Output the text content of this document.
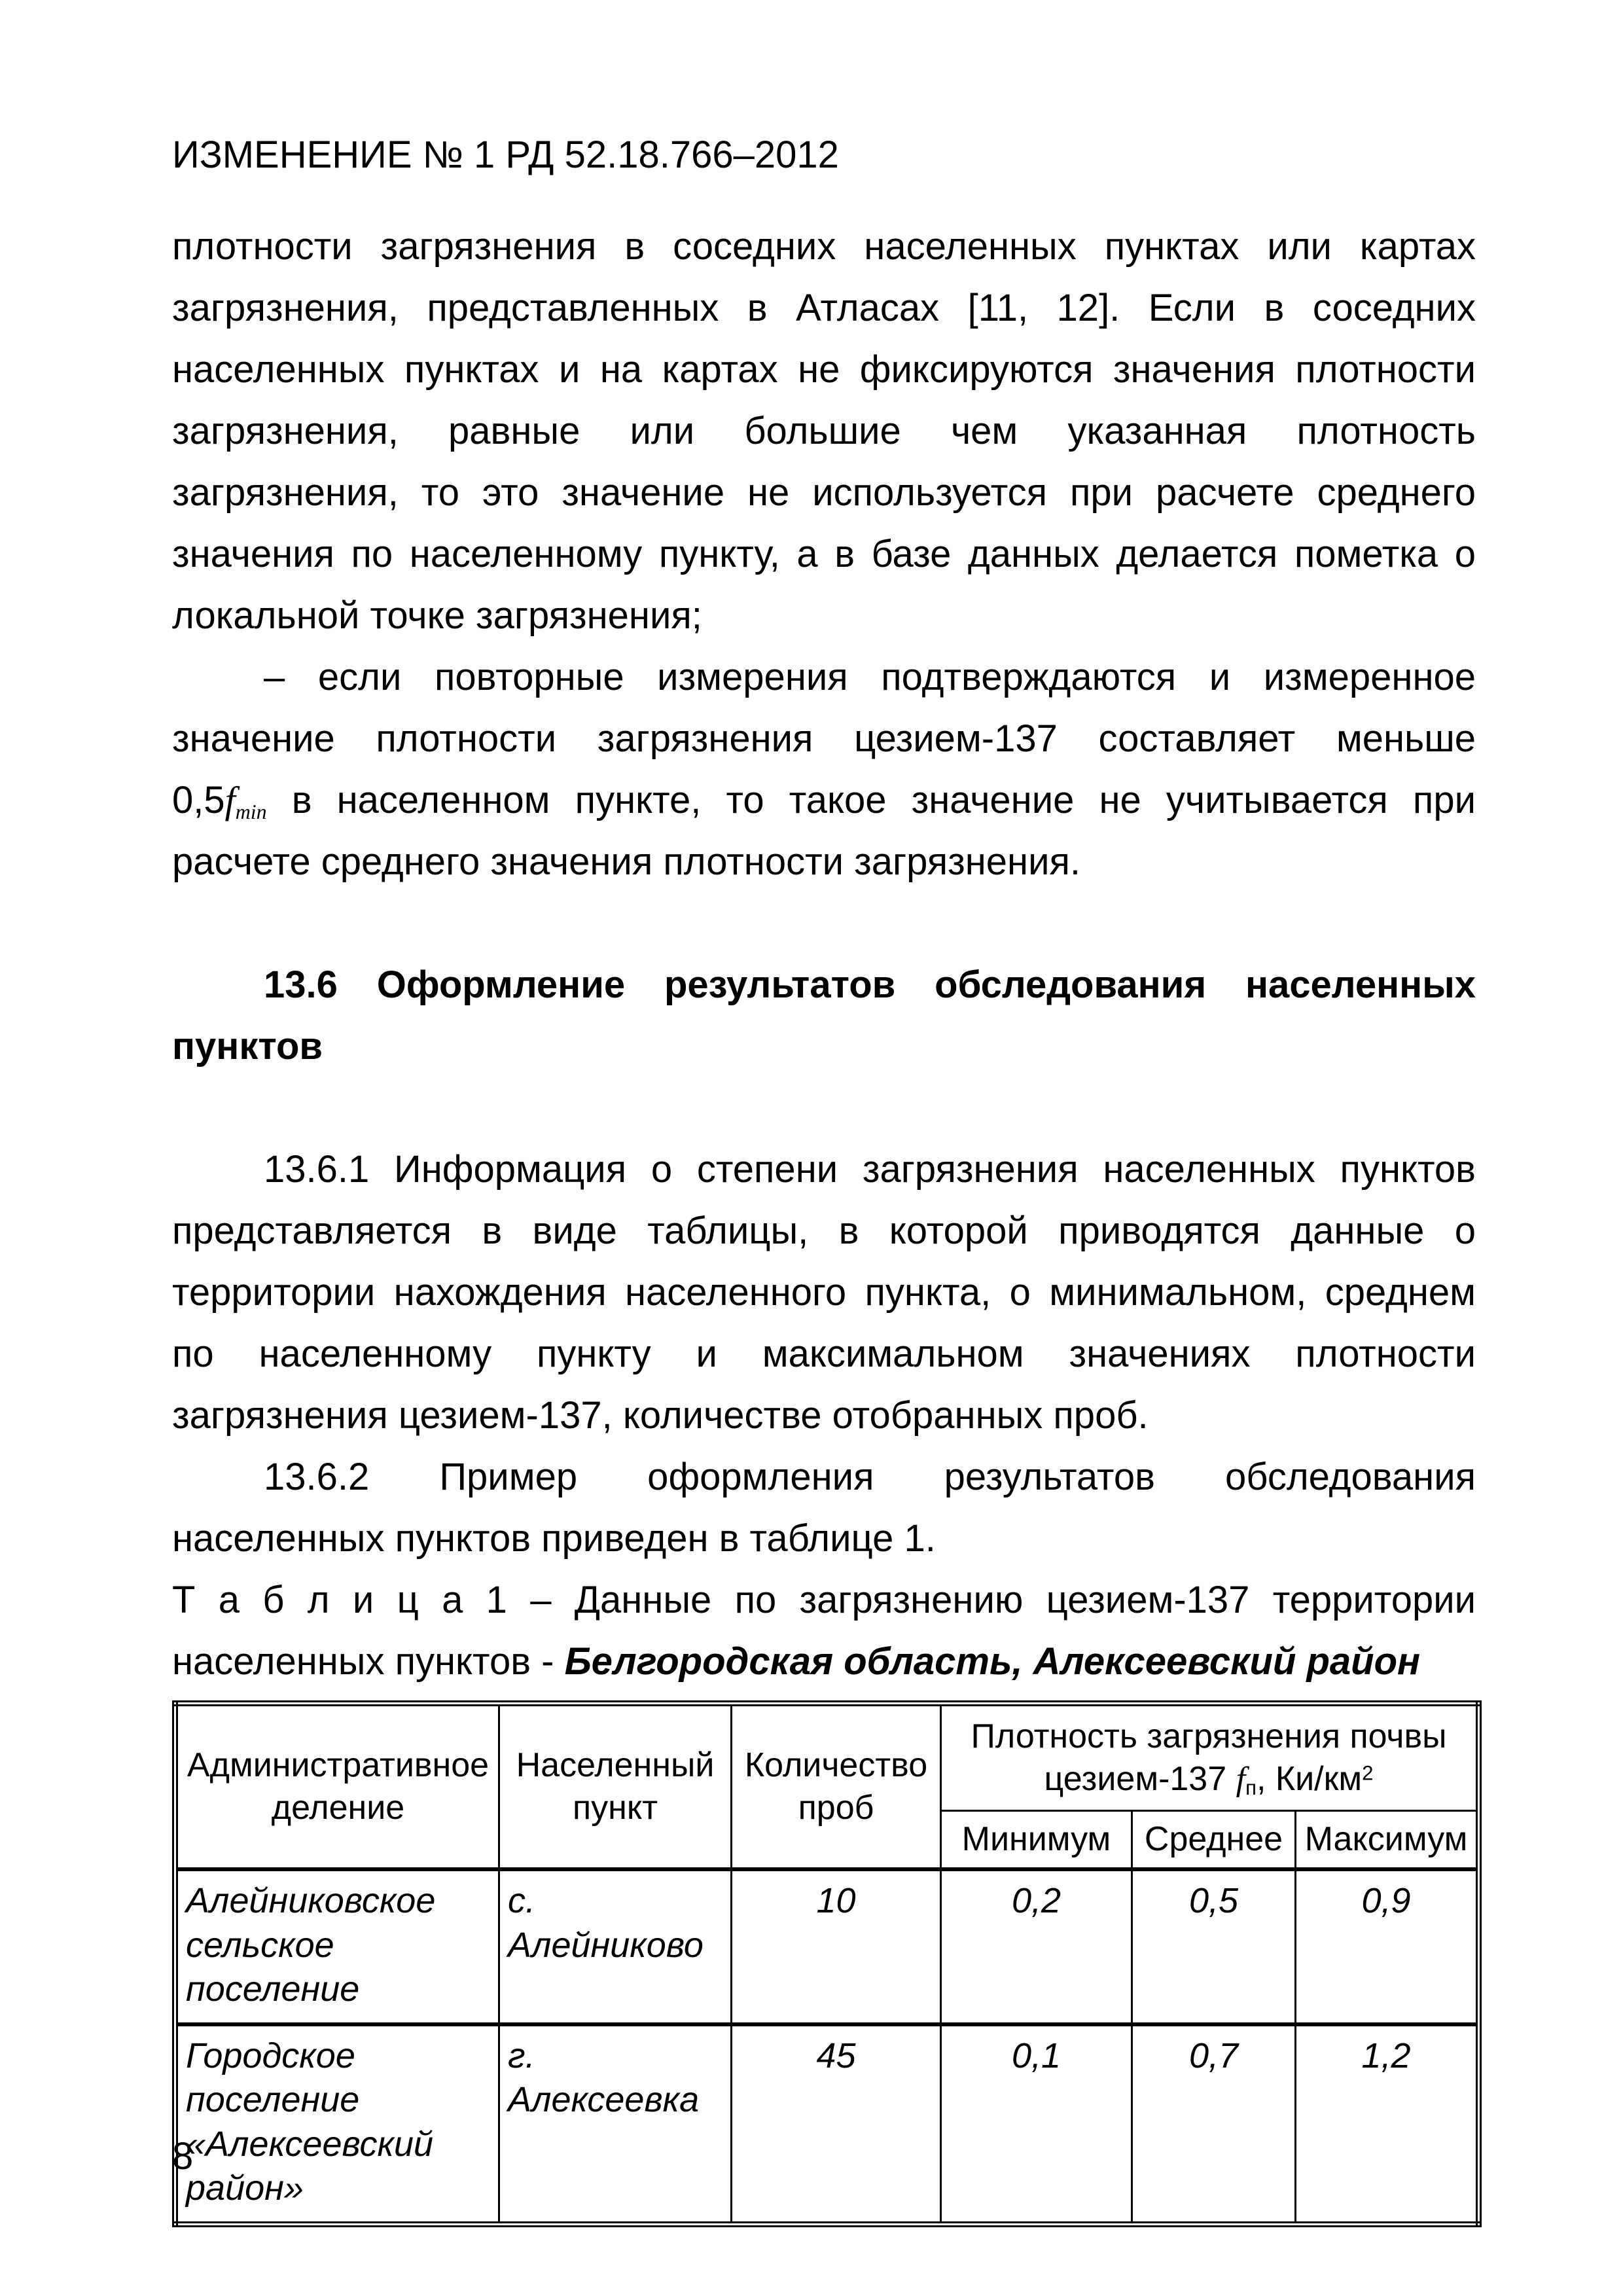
ИЗМЕНЕНИЕ № 1 РД 52.18.766–2012
плотности загрязнения в соседних населенных пунктах или картах
загрязнения, представленных в Атласах [11, 12]. Если в соседних
населенных пунктах и на картах не фиксируются значения плотности
загрязнения, равные или большие чем указанная плотность
загрязнения, то это значение не используется при расчете среднего
значения по населенному пункту, а в базе данных делается пометка о
локальной точке загрязнения;
– если повторные измерения подтверждаются и измеренное
значение плотности загрязнения цезием-137 составляет меньше
$0,5f_{min}$ в населенном пункте, то такое значение не учитывается при
расчете среднего значения плотности загрязнения.
13.6 Оформление результатов обследования населенных
пунктов
13.6.1 Информация о степени загрязнения населенных пунктов
представляется в виде таблицы, в которой приводятся данные о
территории нахождения населенного пункта, о минимальном, среднем
по населенному пункту и максимальном значениях плотности
загрязнения цезием-137, количестве отобранных проб.
13.6.2 Пример оформления результатов обследования
населенных пунктов приведен в таблице 1.
Т а б л и ц а 1 – Данные по загрязнению цезием-137 территории
населенных пунктов - Белгородская область, Алексеевский район
Административное деление	Населенный пункт	Количество проб	Плотность загрязнения почвы цезием-137 $f_п$, $Ки/км^2$
			Минимум	Среднее	Максимум
Алейниковское сельское поселение	с. Алейниково	10	0,2	0,5	0,9
Городское поселение «Алексеевский район»	г. Алексеевка	45	0,1	0,7	1,2
8
